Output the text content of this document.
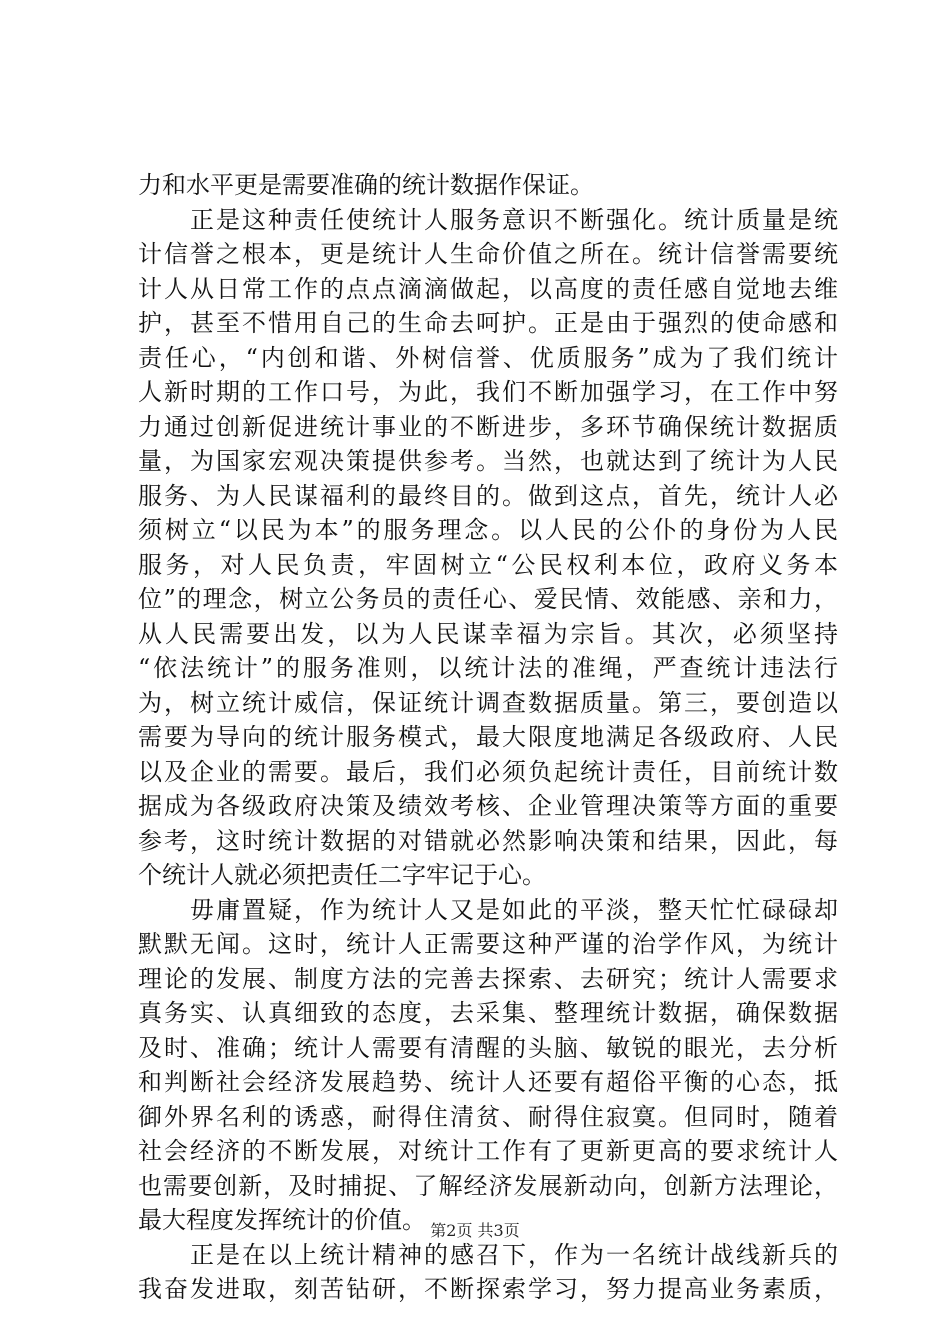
力和水平更是需要准确的统计数据作保证。
　　正是这种责任使统计人服务意识不断强化。统计质量是统
计信誉之根本，更是统计人生命价值之所在。统计信誉需要统
计人从日常工作的点点滴滴做起，以高度的责任感自觉地去维
护，甚至不惜用自己的生命去呵护。正是由于强烈的使命感和
责任心，“内创和谐、外树信誉、优质服务”成为了我们统计
人新时期的工作口号，为此，我们不断加强学习，在工作中努
力通过创新促进统计事业的不断进步，多环节确保统计数据质
量，为国家宏观决策提供参考。当然，也就达到了统计为人民
服务、为人民谋福利的最终目的。做到这点，首先，统计人必
须树立“以民为本”的服务理念。以人民的公仆的身份为人民
服务，对人民负责，牢固树立“公民权利本位，政府义务本
位”的理念，树立公务员的责任心、爱民情、效能感、亲和力，
从人民需要出发，以为人民谋幸福为宗旨。其次，必须坚持
“依法统计”的服务准则，以统计法的准绳，严查统计违法行
为，树立统计威信，保证统计调查数据质量。第三，要创造以
需要为导向的统计服务模式，最大限度地满足各级政府、人民
以及企业的需要。最后，我们必须负起统计责任，目前统计数
据成为各级政府决策及绩效考核、企业管理决策等方面的重要
参考，这时统计数据的对错就必然影响决策和结果，因此，每
个统计人就必须把责任二字牢记于心。
　　毋庸置疑，作为统计人又是如此的平淡，整天忙忙碌碌却
默默无闻。这时，统计人正需要这种严谨的治学作风，为统计
理论的发展、制度方法的完善去探索、去研究；统计人需要求
真务实、认真细致的态度，去采集、整理统计数据，确保数据
及时、准确；统计人需要有清醒的头脑、敏锐的眼光，去分析
和判断社会经济发展趋势、统计人还要有超俗平衡的心态，抵
御外界名利的诱惑，耐得住清贫、耐得住寂寞。但同时，随着
社会经济的不断发展，对统计工作有了更新更高的要求统计人
也需要创新，及时捕捉、了解经济发展新动向，创新方法理论，
最大程度发挥统计的价值。
　　正是在以上统计精神的感召下，作为一名统计战线新兵的
我奋发进取，刻苦钻研，不断探索学习，努力提高业务素质，
第2页 共3页
